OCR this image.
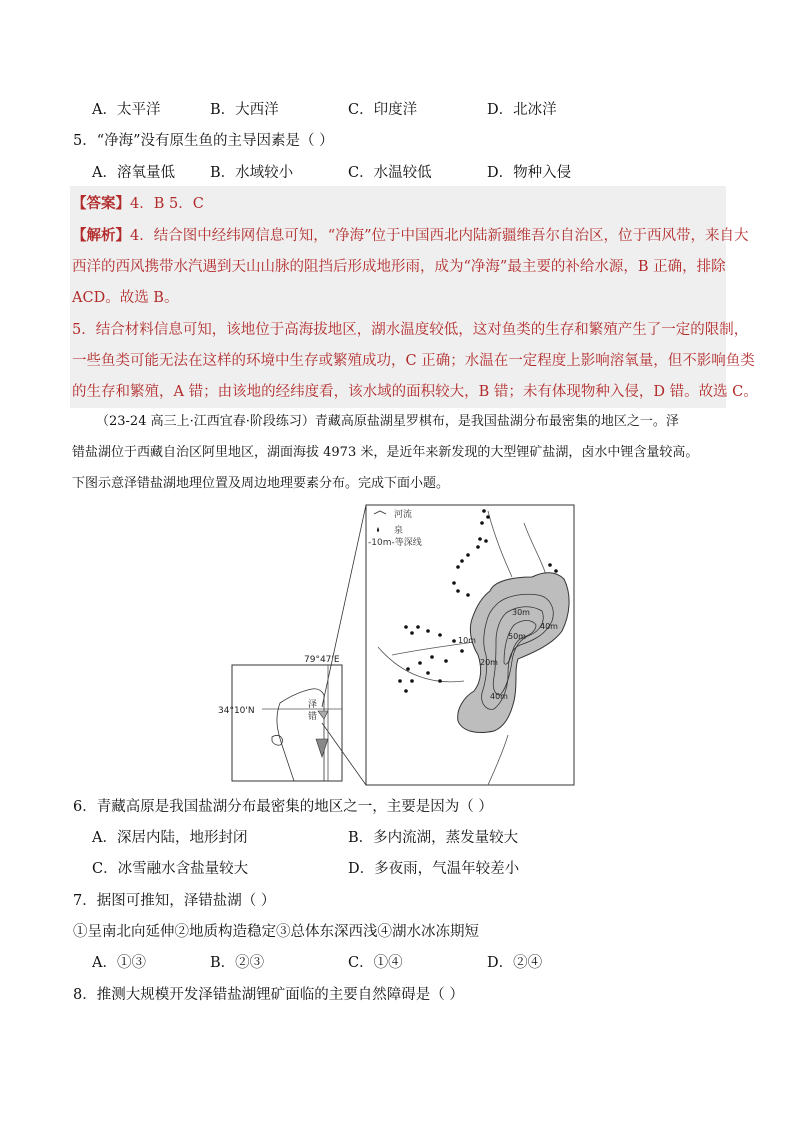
A．太平洋	B．大西洋	C．印度洋	D．北冰洋
5．“净海”没有原生鱼的主导因素是（ ）
A．溶氧量低 B．水域较小	C．水温较低	D．物种入侵
【答案】4．B 5．C
【解析】4．结合图中经纬网信息可知，“净海”位于中国西北内陆新疆维吾尔自治区，位于西风带，来自大
西洋的西风携带水汽遇到天山山脉的阻挡后形成地形雨，成为“净海”最主要的补给水源，B 正确，排除
ACD。故选 B。
5．结合材料信息可知，该地位于高海拔地区，湖水温度较低，这对鱼类的生存和繁殖产生了一定的限制，
一些鱼类可能无法在这样的环境中生存或繁殖成功，C 正确；水温在一定程度上影响溶氧量，但不影响鱼类
的生存和繁殖，A 错；由该地的经纬度看，该水域的面积较大，B 错；未有体现物种入侵，D 错。故选 C。
（23-24 高三上·江西宜春·阶段练习）青藏高原盐湖星罗棋布，是我国盐湖分布最密集的地区之一。泽
错盐湖位于西藏自治区阿里地区，湖面海拔 4973 米，是近年来新发现的大型锂矿盐湖，卤水中锂含量较高。
下图示意泽错盐湖地理位置及周边地理要素分布。完成下面小题。
79°47'E
34°10'N
泽
错
河流
泉
-10m-等深线
30m
40m
50m
10m
20m
40m
6．青藏高原是我国盐湖分布最密集的地区之一，主要是因为（ ）
A．深居内陆，地形封闭	B．多内流湖，蒸发量较大
C．冰雪融水含盐量较大	D．多夜雨，气温年较差小
7．据图可推知，泽错盐湖（ ）
①呈南北向延伸②地质构造稳定③总体东深西浅④湖水冰冻期短
A．①③	B．②③	C．①④	D．②④
8．推测大规模开发泽错盐湖锂矿面临的主要自然障碍是（ ）
